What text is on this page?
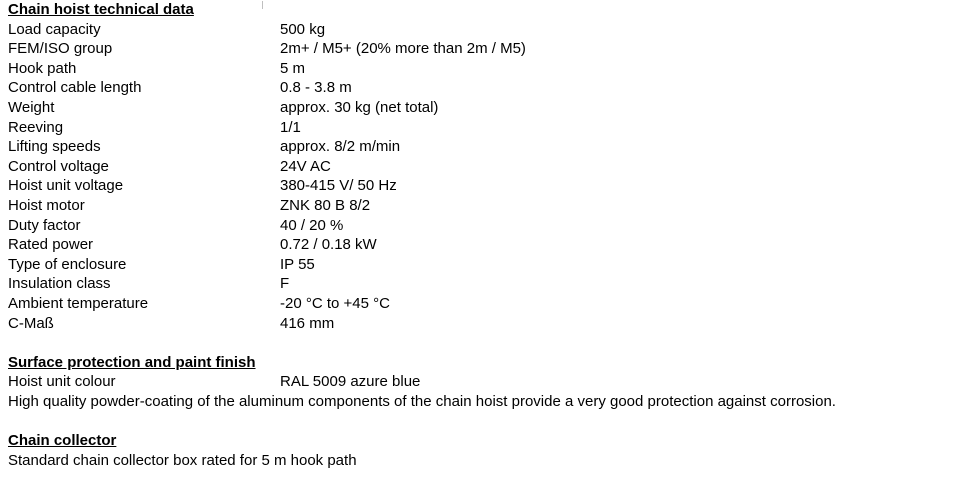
Chain hoist technical data
Load capacity	500 kg
FEM/ISO group	2m+ / M5+ (20% more than 2m / M5)
Hook path	5 m
Control cable length	0.8 - 3.8 m
Weight	approx. 30 kg (net total)
Reeving	1/1
Lifting speeds	approx. 8/2 m/min
Control voltage	24V AC
Hoist unit voltage	380-415 V/ 50 Hz
Hoist motor	ZNK 80 B 8/2
Duty factor	40 / 20 %
Rated power	0.72 / 0.18 kW
Type of enclosure	IP 55
Insulation class	F
Ambient temperature	-20 °C to +45 °C
C-Maß	416 mm
Surface protection and paint finish
Hoist unit colour	RAL 5009 azure blue

High quality powder-coating of the aluminum components of the chain hoist provide a very good protection against corrosion.

Chain collector

Standard chain collector box rated for 5 m hook path
